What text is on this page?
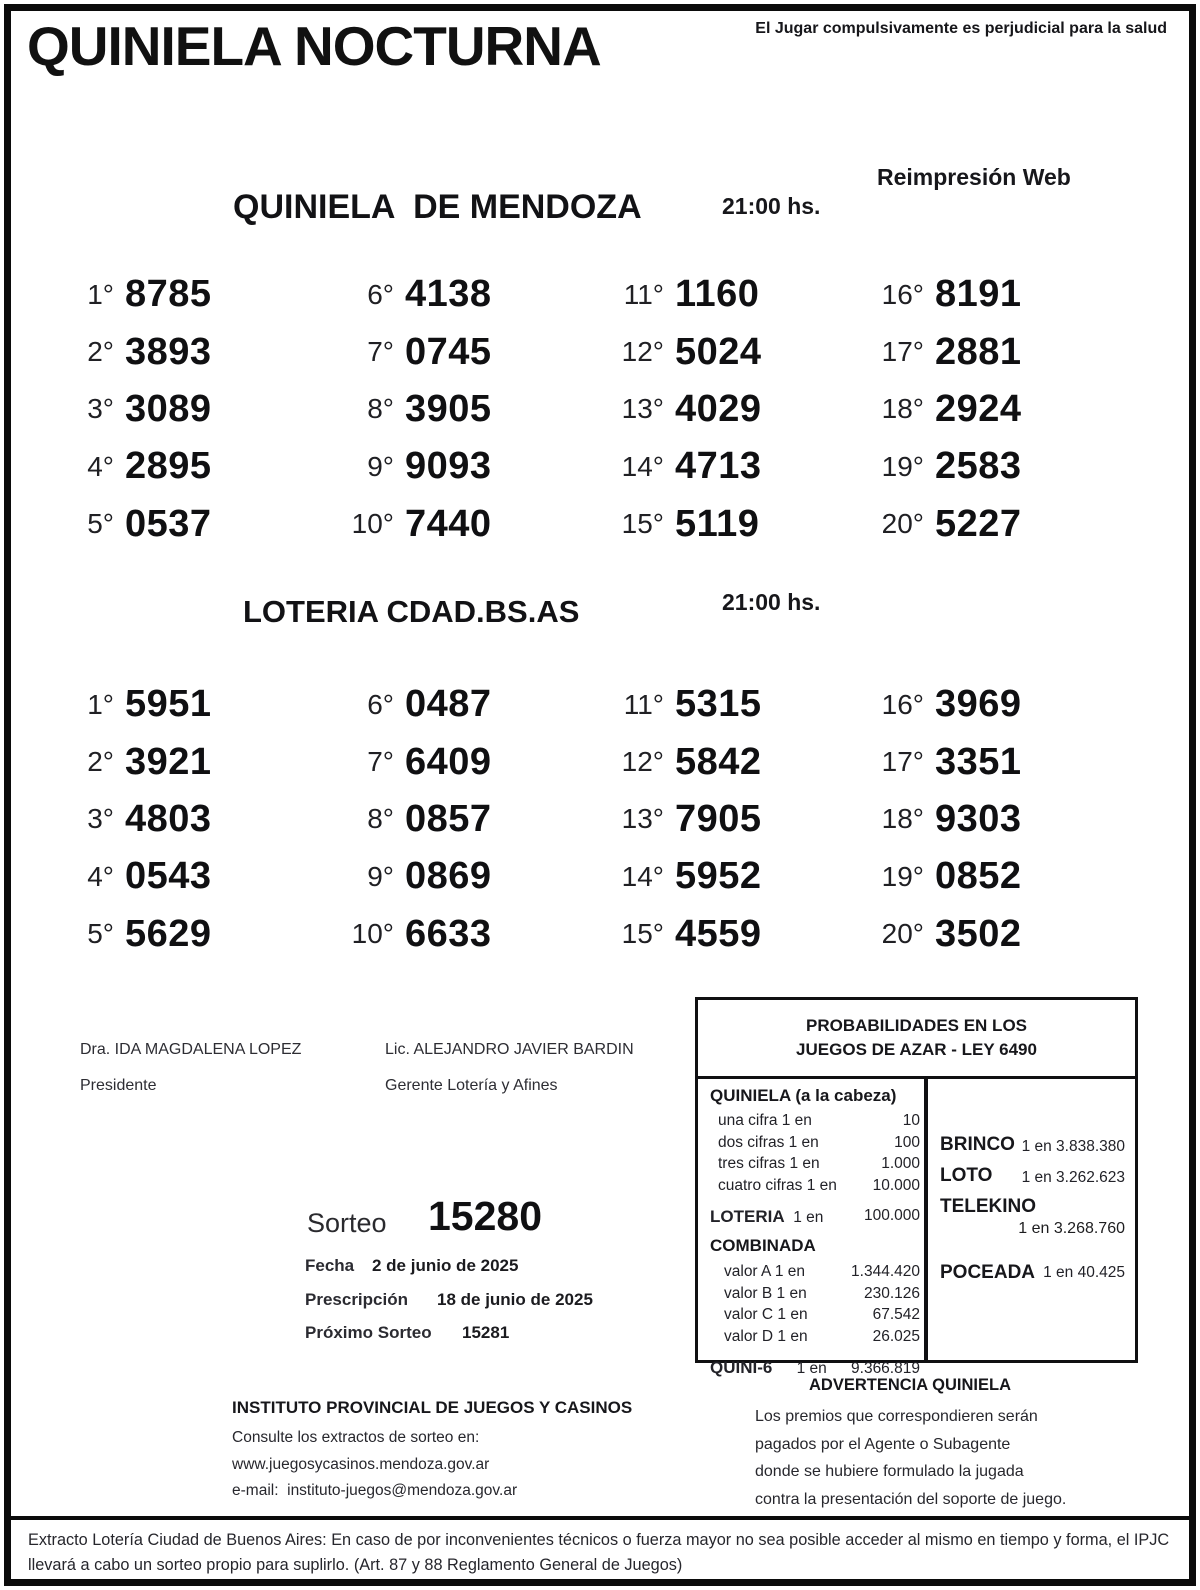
QUINIELA NOCTURNA	El Jugar compulsivamente es perjudicial para la salud
Reimpresión Web
QUINIELA  DE MENDOZA	21:00 hs.
1° 8785
2° 3893
3° 3089
4° 2895
5° 0537
6° 4138
7° 0745
8° 3905
9° 9093
10° 7440
11° 1160
12° 5024
13° 4029
14° 4713
15° 5119
16° 8191
17° 2881
18° 2924
19° 2583
20° 5227
LOTERIA CDAD.BS.AS	21:00 hs.
1° 5951
2° 3921
3° 4803
4° 0543
5° 5629
6° 0487
7° 6409
8° 0857
9° 0869
10° 6633
11° 5315
12° 5842
13° 7905
14° 5952
15° 4559
16° 3969
17° 3351
18° 9303
19° 0852
20° 3502
Dra. IDA MAGDALENA LOPEZ
Presidente
Lic. ALEJANDRO JAVIER BARDIN
Gerente Lotería y Afines
Sorteo 15280
Fecha 2 de junio de 2025
Prescripción 18 de junio de 2025
Próximo Sorteo 15281
PROBABILIDADES EN LOS
JUEGOS DE AZAR - LEY 6490
QUINIELA (a la cabeza)
una cifra 1 en	10
dos cifras 1 en	100
tres cifras 1 en	1.000
cuatro cifras 1 en 10.000
LOTERIA 1 en	100.000
COMBINADA
valor A 1 en	1.344.420
valor B 1 en	230.126
valor C 1 en	67.542
valor D 1 en	26.025
QUINI-6 1 en 9.366.819
BRINCO 1 en 3.838.380
LOTO 1 en 3.262.623
TELEKINO
1 en 3.268.760
POCEADA 1 en 40.425
ADVERTENCIA QUINIELA
Los premios que correspondieren serán
pagados por el Agente o Subagente
donde se hubiere formulado la jugada
contra la presentación del soporte de juego.
INSTITUTO PROVINCIAL DE JUEGOS Y CASINOS
Consulte los extractos de sorteo en:
www.juegosycasinos.mendoza.gov.ar
e-mail:  instituto-juegos@mendoza.gov.ar
Extracto Lotería Ciudad de Buenos Aires: En caso de por inconvenientes técnicos o fuerza mayor no sea posible acceder al mismo en tiempo y forma, el IPJC llevará a cabo un sorteo propio para suplirlo. (Art. 87 y 88 Reglamento General de Juegos)
